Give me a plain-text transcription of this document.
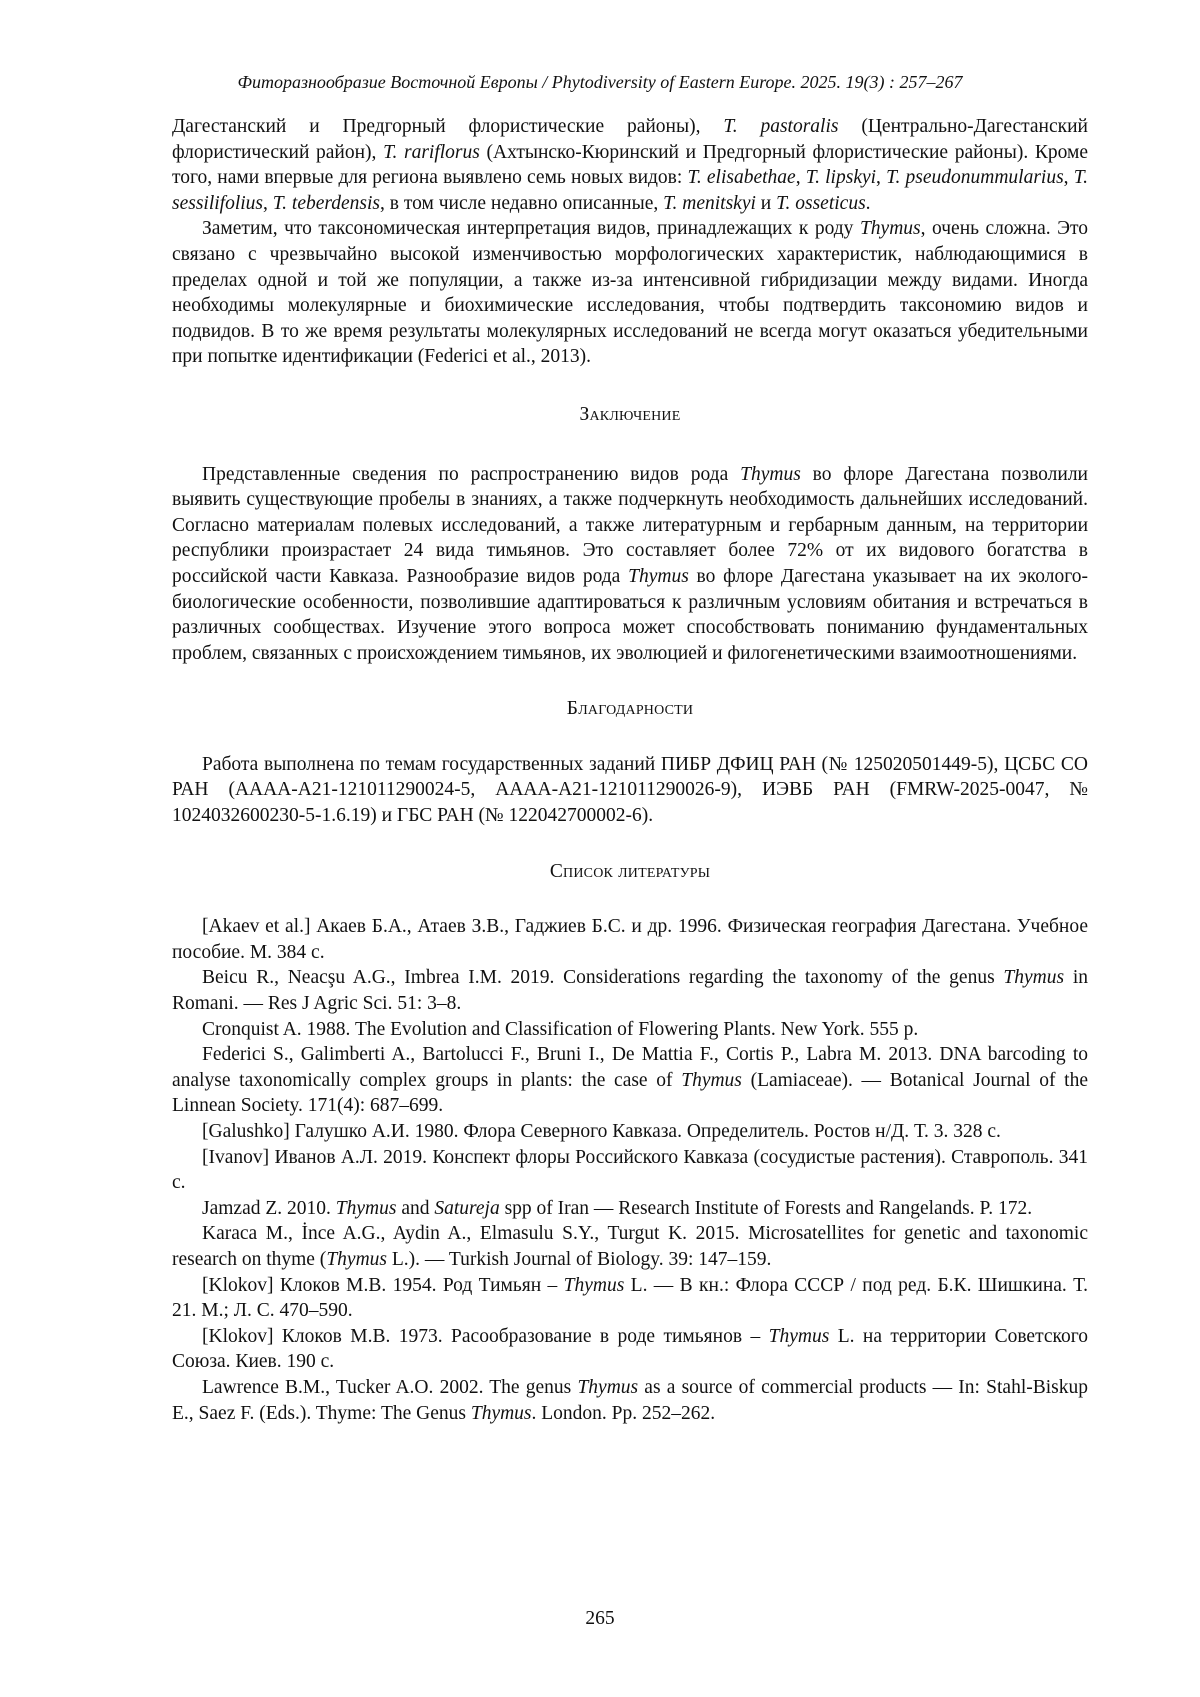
Фиторазнообразие Восточной Европы / Phytodiversity of Eastern Europe. 2025. 19(3) : 257–267

Дагестанский и Предгорный флористические районы), T. pastoralis (Центрально-Дагестанский флористический район), T. rariflorus (Ахтынско-Кюринский и Предгорный флористические районы). Кроме того, нами впервые для региона выявлено семь новых видов: T. elisabethae, T. lipskyi, T. pseudonummularius, T. sessilifolius, T. teberdensis, в том числе недавно описанные, T. menitskyi и T. osseticus.

Заметим, что таксономическая интерпретация видов, принадлежащих к роду Thymus, очень сложна. Это связано с чрезвычайно высокой изменчивостью морфологических характеристик, наблюдающимися в пределах одной и той же популяции, а также из-за интенсивной гибридизации между видами. Иногда необходимы молекулярные и биохимические исследования, чтобы подтвердить таксономию видов и подвидов. В то же время результаты молекулярных исследований не всегда могут оказаться убедительными при попытке идентификации (Federici et al., 2013).

Заключение

Представленные сведения по распространению видов рода Thymus во флоре Дагестана позволили выявить существующие пробелы в знаниях, а также подчеркнуть необходимость дальнейших исследований. Согласно материалам полевых исследований, а также литературным и гербарным данным, на территории республики произрастает 24 вида тимьянов. Это составляет более 72% от их видового богатства в российской части Кавказа. Разнообразие видов рода Thymus во флоре Дагестана указывает на их эколого-биологические особенности, позволившие адаптироваться к различным условиям обитания и встречаться в различных сообществах. Изучение этого вопроса может способствовать пониманию фундаментальных проблем, связанных с происхождением тимьянов, их эволюцией и филогенетическими взаимоотношениями.

Благодарности

Работа выполнена по темам государственных заданий ПИБР ДФИЦ РАН (№ 125020501449-5), ЦСБС СО РАН (АААА-А21-121011290024-5, АААА-А21-121011290026-9), ИЭВБ РАН (FMRW-2025-0047, № 1024032600230-5-1.6.19) и ГБС РАН (№ 122042700002-6).

Список литературы

[Akaev et al.] Акаев Б.А., Атаев З.В., Гаджиев Б.С. и др. 1996. Физическая география Дагестана. Учебное пособие. М. 384 с.

Beicu R., Neacşu A.G., Imbrea I.M. 2019. Considerations regarding the taxonomy of the genus Thymus in Romani. — Res J Agric Sci. 51: 3–8.

Cronquist A. 1988. The Evolution and Classification of Flowering Plants. New York. 555 p.

Federici S., Galimberti A., Bartolucci F., Bruni I., De Mattia F., Cortis P., Labra M. 2013. DNA barcoding to analyse taxonomically complex groups in plants: the case of Thymus (Lamiaceae). — Botanical Journal of the Linnean Society. 171(4): 687–699.

[Galushko] Галушко А.И. 1980. Флора Северного Кавказа. Определитель. Ростов н/Д. Т. 3. 328 с.

[Ivanov] Иванов А.Л. 2019. Конспект флоры Российского Кавказа (сосудистые растения). Ставрополь. 341 с.

Jamzad Z. 2010. Thymus and Satureja spp of Iran — Research Institute of Forests and Rangelands. P. 172.

Karaca M., İnce A.G., Aydin A., Elmasulu S.Y., Turgut K. 2015. Microsatellites for genetic and taxonomic research on thyme (Thymus L.). — Turkish Journal of Biology. 39: 147–159.

[Klokov] Клоков М.В. 1954. Род Тимьян – Thymus L. — В кн.: Флора СССР / под ред. Б.К. Шишкина. Т. 21. М.; Л. С. 470–590.

[Klokov] Клоков М.В. 1973. Расообразование в роде тимьянов – Thymus L. на территории Советского Союза. Киев. 190 с.

Lawrence B.M., Tucker A.O. 2002. The genus Thymus as a source of commercial products — In: Stahl-Biskup E., Saez F. (Eds.). Thyme: The Genus Thymus. London. Pp. 252–262.

265
